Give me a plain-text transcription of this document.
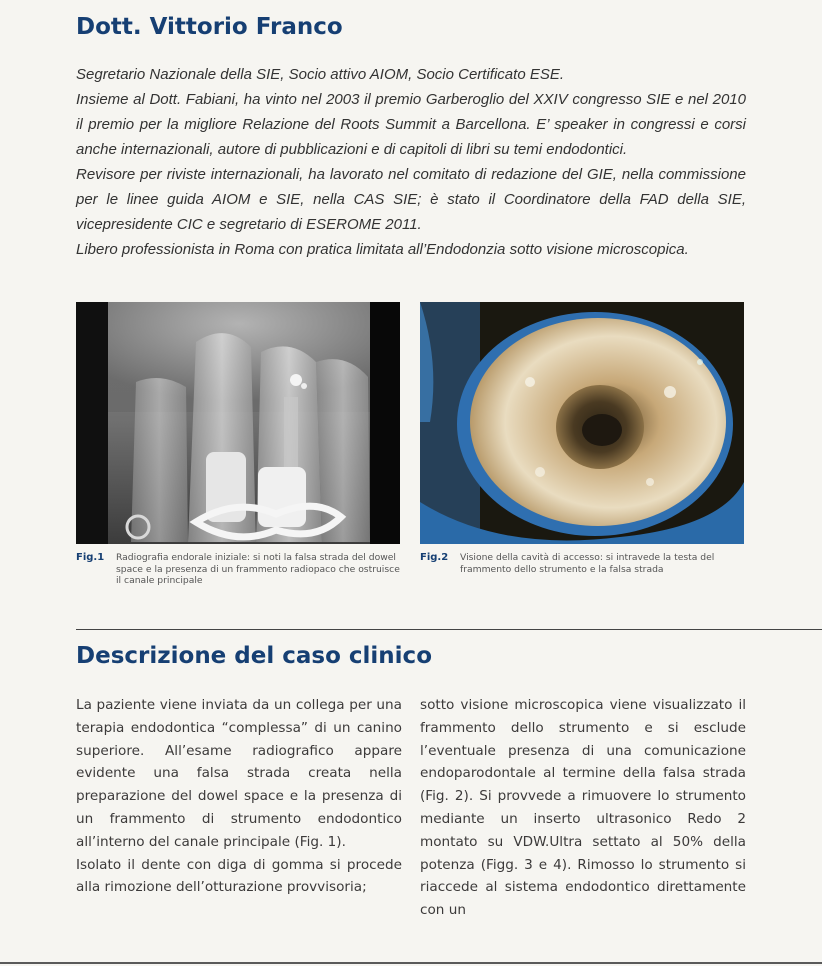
Dott. Vittorio Franco

Segretario Nazionale della SIE, Socio attivo AIOM, Socio Certificato ESE.

Insieme al Dott. Fabiani, ha vinto nel 2003 il premio Garberoglio del XXIV congresso SIE e nel 2010 il premio per la migliore Relazione del Roots Summit a Barcellona. E’ speaker in congressi e corsi anche internazionali, autore di pubblicazioni e di capitoli di libri su temi endodontici.

Revisore per riviste internazionali, ha lavorato nel comitato di redazione del GIE, nella commissione per le linee guida AIOM e SIE, nella CAS SIE; è stato il Coordinatore della FAD della SIE, vicepresidente CIC e segretario di ESEROME 2011.

Libero professionista in Roma con pratica limitata all’Endodonzia sotto visione microscopica.

Fig.1 Radiografia endorale iniziale: si noti la falsa strada del dowel space e la presenza di un frammento radiopaco che ostruisce il canale principale
Fig.2 Visione della cavità di accesso: si intravede la testa del frammento dello strumento e la falsa strada
Descrizione del caso clinico

La paziente viene inviata da un collega per una terapia endodontica “complessa” di un canino superiore. All’esame radiografico appare evidente una falsa strada creata nella preparazione del dowel space e la presenza di un frammento di strumento endodontico all’interno del canale principale (Fig. 1).

Isolato il dente con diga di gomma si procede alla rimozione dell’otturazione provvisoria;

sotto visione microscopica viene visualizzato il frammento dello strumento e si esclude l’eventuale presenza di una comunicazione endoparodontale al termine della falsa strada (Fig. 2). Si provvede a rimuovere lo strumento mediante un inserto ultrasonico Redo 2 montato su VDW.Ultra settato al 50% della potenza (Figg. 3 e 4). Rimosso lo strumento si riaccede al sistema endodontico direttamente con un
